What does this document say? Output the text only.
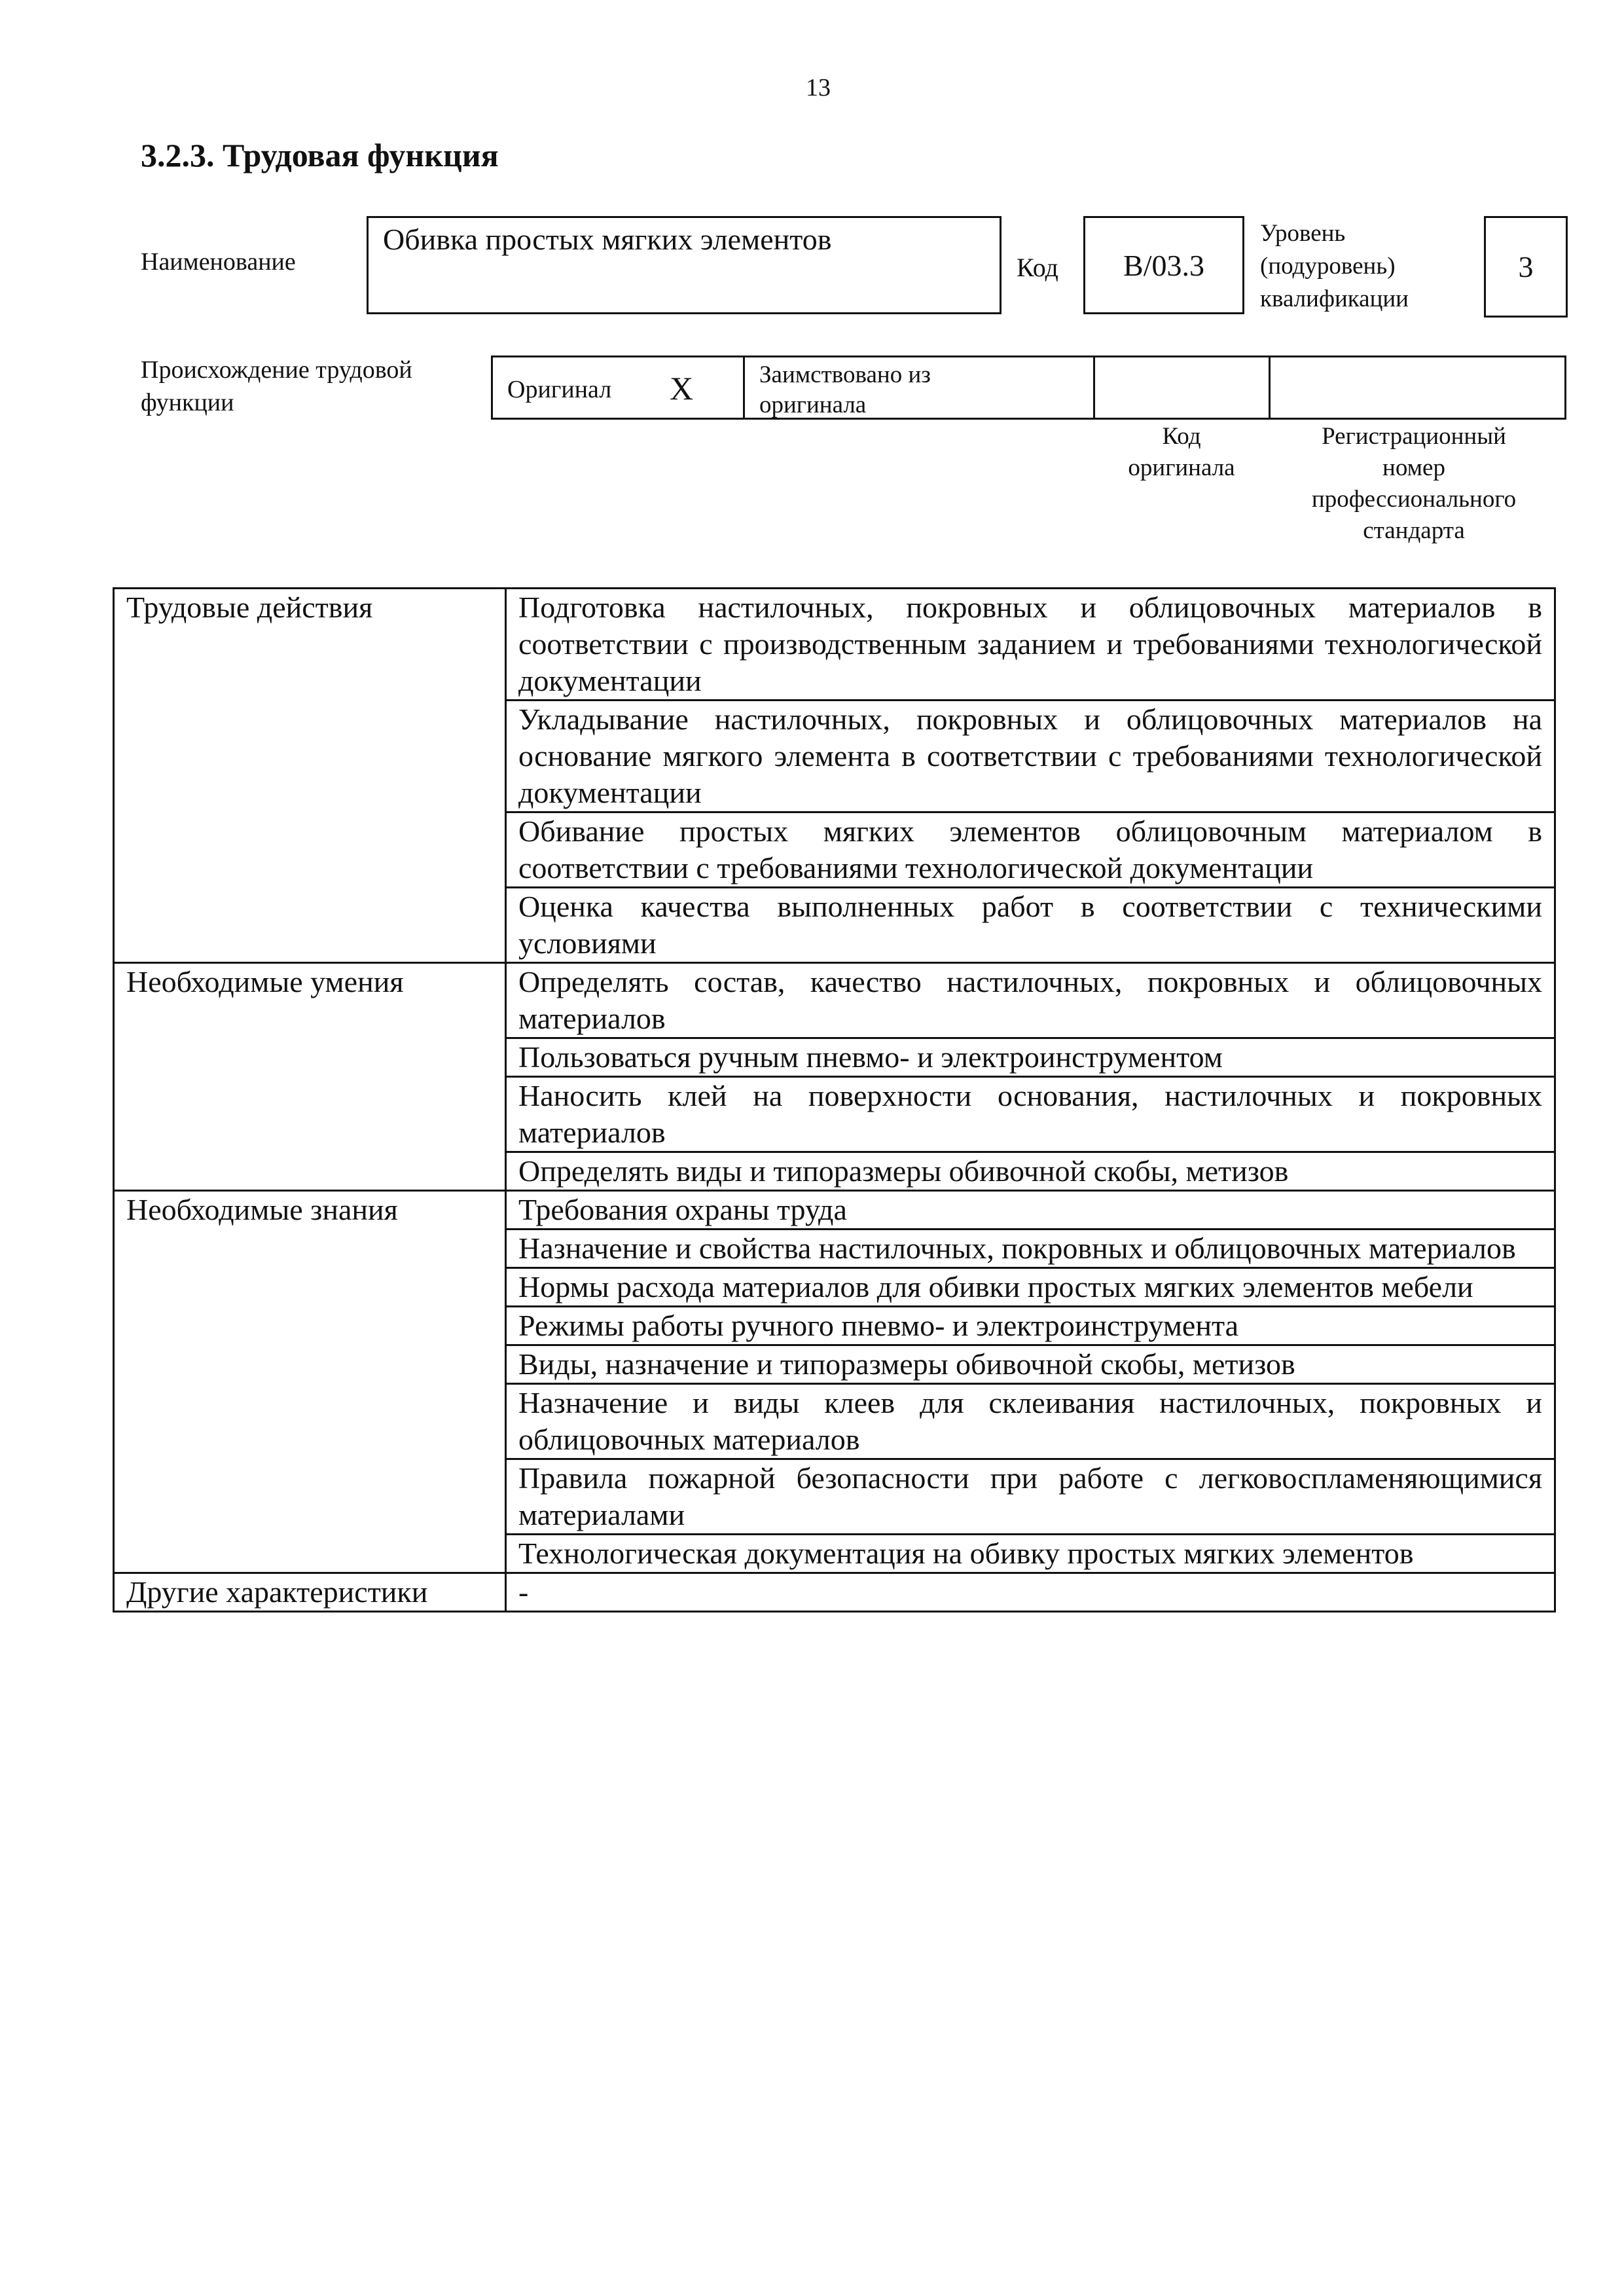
13
3.2.3. Трудовая функция
Наименование
Обивка простых мягких элементов
Код	B/03.3
Уровень
(подуровень)
квалификации
3
Происхождение трудовой
функции	Оригинал X	Заимствовано из
оригинала
Код
оригинала
Регистрационный
номер
профессионального
стандарта
Трудовые действия	Подготовка настилочных, покровных и облицовочных материалов в соответствии с производственным заданием и требованиями технологической документации
	Укладывание настилочных, покровных и облицовочных материалов на основание мягкого элемента в соответствии с требованиями технологической документации
	Обивание простых мягких элементов облицовочным материалом в соответствии с требованиями технологической документации
	Оценка качества выполненных работ в соответствии с техническими условиями
Необходимые умения	Определять состав, качество настилочных, покровных и облицовочных материалов
	Пользоваться ручным пневмо- и электроинструментом
	Наносить клей на поверхности основания, настилочных и покровных материалов
	Определять виды и типоразмеры обивочной скобы, метизов
Необходимые знания	Требования охраны труда
	Назначение и свойства настилочных, покровных и облицовочных материалов
	Нормы расхода материалов для обивки простых мягких элементов мебели
	Режимы работы ручного пневмо- и электроинструмента
	Виды, назначение и типоразмеры обивочной скобы, метизов
	Назначение и виды клеев для склеивания настилочных, покровных и облицовочных материалов
	Правила пожарной безопасности при работе с легковоспламеняющимися материалами
	Технологическая документация на обивку простых мягких элементов
Другие характеристики	-
